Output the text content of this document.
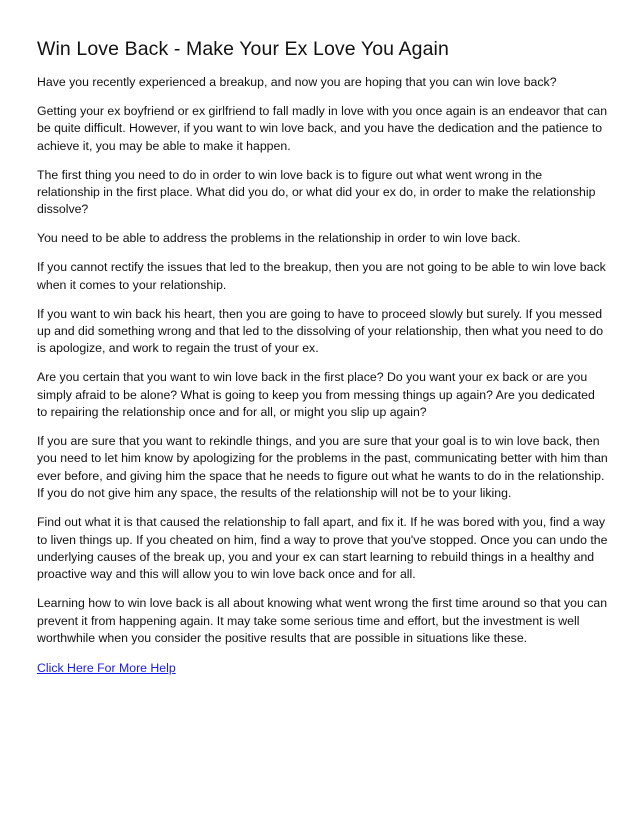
Win Love Back - Make Your Ex Love You Again

Have you recently experienced a breakup, and now you are hoping that you can win love back?

Getting your ex boyfriend or ex girlfriend to fall madly in love with you once again is an endeavor that can be quite difficult. However, if you want to win love back, and you have the dedication and the patience to achieve it, you may be able to make it happen.

The first thing you need to do in order to win love back is to figure out what went wrong in the relationship in the first place. What did you do, or what did your ex do, in order to make the relationship dissolve?

You need to be able to address the problems in the relationship in order to win love back.

If you cannot rectify the issues that led to the breakup, then you are not going to be able to win love back when it comes to your relationship.

If you want to win back his heart, then you are going to have to proceed slowly but surely. If you messed up and did something wrong and that led to the dissolving of your relationship, then what you need to do is apologize, and work to regain the trust of your ex.

Are you certain that you want to win love back in the first place? Do you want your ex back or are you simply afraid to be alone? What is going to keep you from messing things up again? Are you dedicated to repairing the relationship once and for all, or might you slip up again?

If you are sure that you want to rekindle things, and you are sure that your goal is to win love back, then you need to let him know by apologizing for the problems in the past, communicating better with him than ever before, and giving him the space that he needs to figure out what he wants to do in the relationship. If you do not give him any space, the results of the relationship will not be to your liking.

Find out what it is that caused the relationship to fall apart, and fix it. If he was bored with you, find a way to liven things up. If you cheated on him, find a way to prove that you've stopped. Once you can undo the underlying causes of the break up, you and your ex can start learning to rebuild things in a healthy and proactive way and this will allow you to win love back once and for all.

Learning how to win love back is all about knowing what went wrong the first time around so that you can prevent it from happening again. It may take some serious time and effort, but the investment is well worthwhile when you consider the positive results that are possible in situations like these.

Click Here For More Help
